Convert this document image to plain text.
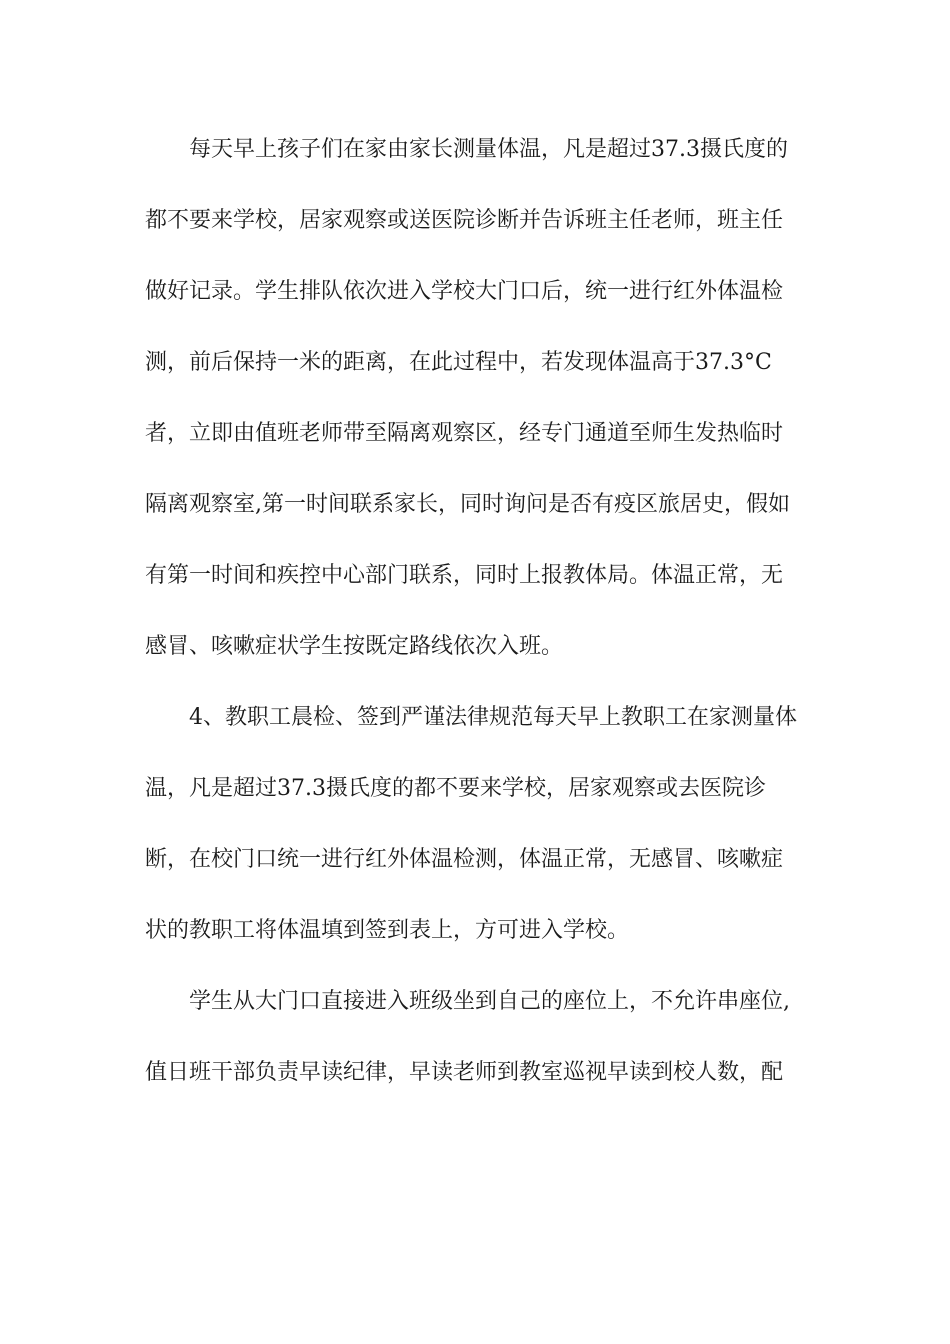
每天早上孩子们在家由家长测量体温，凡是超过37.3摄氏度的
都不要来学校，居家观察或送医院诊断并告诉班主任老师，班主任
做好记录。学生排队依次进入学校大门口后，统一进行红外体温检
测，前后保持一米的距离，在此过程中，若发现体温高于37.3°C
者，立即由值班老师带至隔离观察区，经专门通道至师生发热临时
隔离观察室,第一时间联系家长，同时询问是否有疫区旅居史，假如
有第一时间和疾控中心部门联系，同时上报教体局。体温正常，无
感冒、咳嗽症状学生按既定路线依次入班。
4、教职工晨检、签到严谨法律规范每天早上教职工在家测量体
温，凡是超过37.3摄氏度的都不要来学校，居家观察或去医院诊
断，在校门口统一进行红外体温检测，体温正常，无感冒、咳嗽症
状的教职工将体温填到签到表上，方可进入学校。
学生从大门口直接进入班级坐到自己的座位上，不允许串座位,
值日班干部负责早读纪律，早读老师到教室巡视早读到校人数，配
